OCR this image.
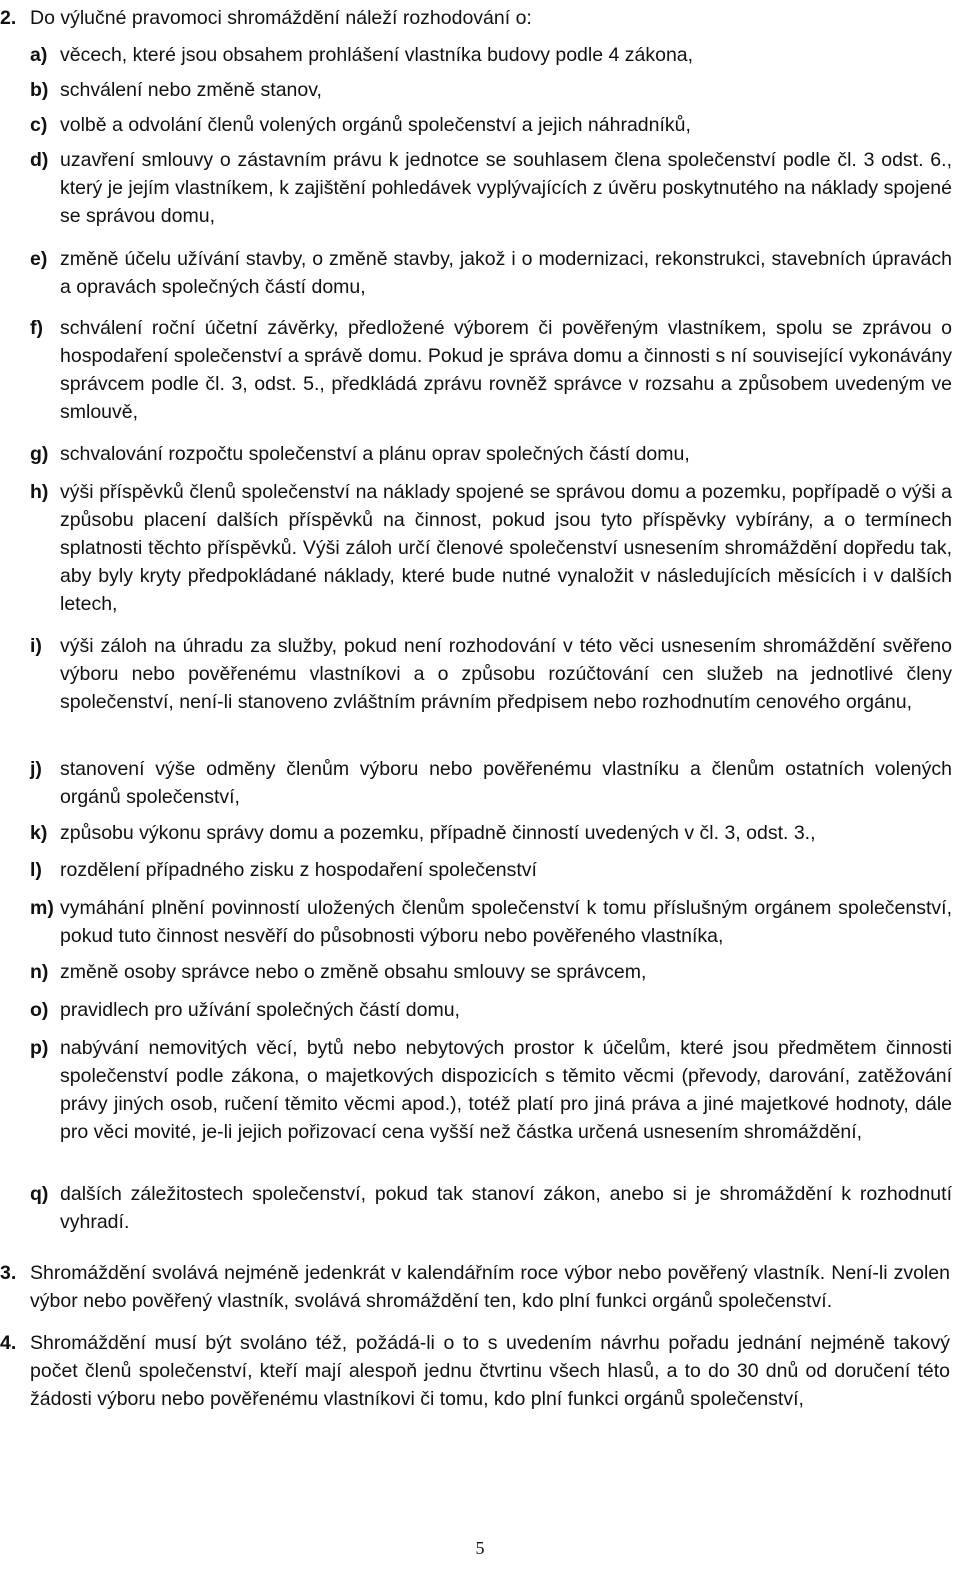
2. Do výlučné pravomoci shromáždění náleží rozhodování o:
a) věcech, které jsou obsahem prohlášení vlastníka budovy podle 4 zákona,
b) schválení nebo změně stanov,
c) volbě a odvolání členů volených orgánů společenství a jejich náhradníků,
d) uzavření smlouvy o zástavním právu k jednotce se souhlasem člena společenství podle čl. 3 odst. 6., který je jejím vlastníkem, k zajištění pohledávek vyplývajících z úvěru poskytnutého na náklady spojené se správou domu,
e) změně účelu užívání stavby, o změně stavby, jakož i o modernizaci, rekonstrukci, stavebních úpravách a opravách společných částí domu,
f) schválení roční účetní závěrky, předložené výborem či pověřeným vlastníkem, spolu se zprávou o hospodaření společenství a správě domu. Pokud je správa domu a činnosti s ní související vykonávány správcem podle čl. 3, odst. 5., předkládá zprávu rovněž správce v rozsahu a způsobem uvedeným ve smlouvě,
g) schvalování rozpočtu společenství a plánu oprav společných částí domu,
h) výši příspěvků členů společenství na náklady spojené se správou domu a pozemku, popřípadě o výši a způsobu placení dalších příspěvků na činnost, pokud jsou tyto příspěvky vybírány, a o termínech splatnosti těchto příspěvků. Výši záloh určí členové společenství usnesením shromáždění dopředu tak, aby byly kryty předpokládané náklady, které bude nutné vynaložit v následujících měsících i v dalších letech,
i) výši záloh na úhradu za služby, pokud není rozhodování v této věci usnesením shromáždění svěřeno výboru nebo pověřenému vlastníkovi a o způsobu rozúčtování cen služeb na jednotlivé členy společenství, není-li stanoveno zvláštním právním předpisem nebo rozhodnutím cenového orgánu,
j) stanovení výše odměny členům výboru nebo pověřenému vlastníku a členům ostatních volených orgánů společenství,
k) způsobu výkonu správy domu a pozemku, případně činností uvedených v čl. 3, odst. 3.,
l) rozdělení případného zisku z hospodaření společenství
m) vymáhání plnění povinností uložených členům společenství k tomu příslušným orgánem společenství, pokud tuto činnost nesvěří do působnosti výboru nebo pověřeného vlastníka,
n) změně osoby správce nebo o změně obsahu smlouvy se správcem,
o) pravidlech pro užívání společných částí domu,
p) nabývání nemovitých věcí, bytů nebo nebytových prostor k účelům, které jsou předmětem činnosti společenství podle zákona, o majetkových dispozicích s těmito věcmi (převody, darování, zatěžování právy jiných osob, ručení těmito věcmi apod.), totéž platí pro jiná práva a jiné majetkové hodnoty, dále pro věci movité, je-li jejich pořizovací cena vyšší než částka určená usnesením shromáždění,
q) dalších záležitostech společenství, pokud tak stanoví zákon, anebo si je shromáždění k rozhodnutí vyhradí.
3. Shromáždění svolává nejméně jedenkrát v kalendářním roce výbor nebo pověřený vlastník. Není-li zvolen výbor nebo pověřený vlastník, svolává shromáždění ten, kdo plní funkci orgánů společenství.
4. Shromáždění musí být svoláno též, požádá-li o to s uvedením návrhu pořadu jednání nejméně takový počet členů společenství, kteří mají alespoň jednu čtvrtinu všech hlasů, a to do 30 dnů od doručení této žádosti výboru nebo pověřenému vlastníkovi či tomu, kdo plní funkci orgánů společenství,
5
